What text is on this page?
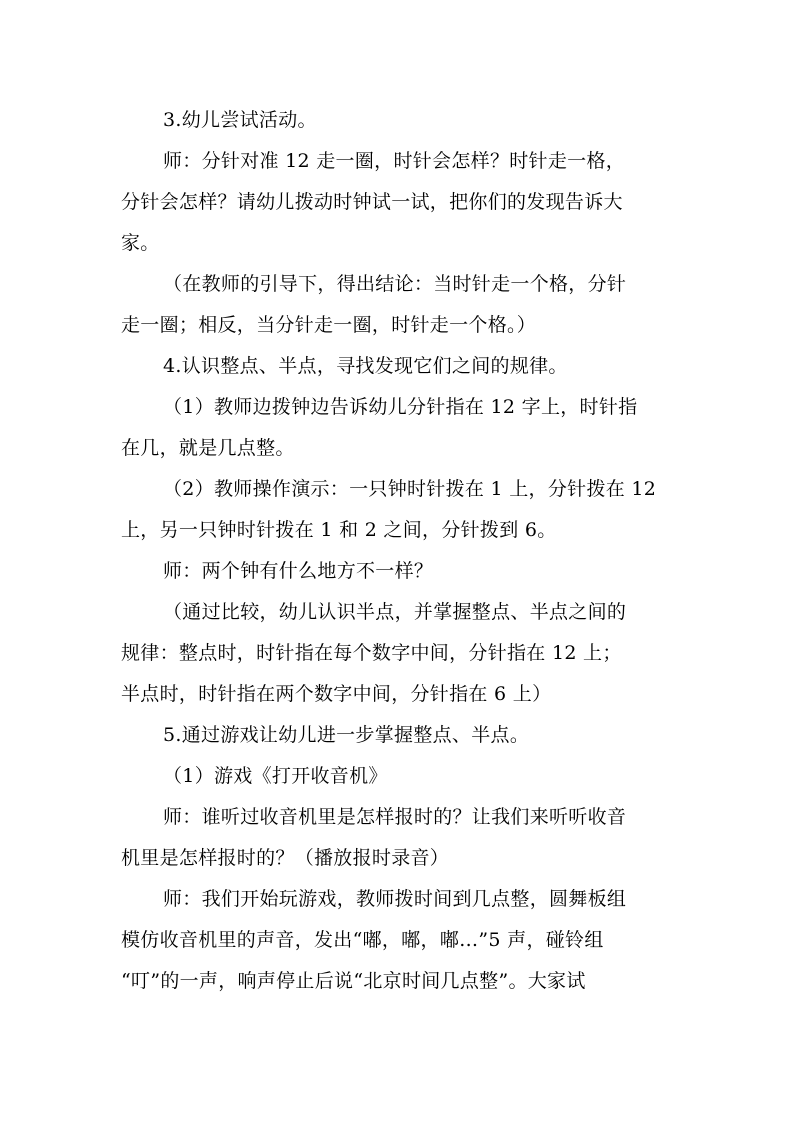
3.幼儿尝试活动。
师：分针对准 12 走一圈，时针会怎样？时针走一格，
分针会怎样？请幼儿拨动时钟试一试，把你们的发现告诉大
家。
（在教师的引导下，得出结论：当时针走一个格，分针
走一圈；相反，当分针走一圈，时针走一个格。）
4.认识整点、半点，寻找发现它们之间的规律。
（1）教师边拨钟边告诉幼儿分针指在 12 字上，时针指
在几，就是几点整。
（2）教师操作演示：一只钟时针拨在 1 上，分针拨在 12
上，另一只钟时针拨在 1 和 2 之间，分针拨到 6。
师：两个钟有什么地方不一样？
（通过比较，幼儿认识半点，并掌握整点、半点之间的
规律：整点时，时针指在每个数字中间，分针指在 12 上；
半点时，时针指在两个数字中间，分针指在 6 上）
5.通过游戏让幼儿进一步掌握整点、半点。
（1）游戏《打开收音机》
师：谁听过收音机里是怎样报时的？让我们来听听收音
机里是怎样报时的？（播放报时录音）
师：我们开始玩游戏，教师拨时间到几点整，圆舞板组
模仿收音机里的声音，发出“嘟，嘟，嘟…”5 声，碰铃组
“叮”的一声，响声停止后说“北京时间几点整”。大家试
